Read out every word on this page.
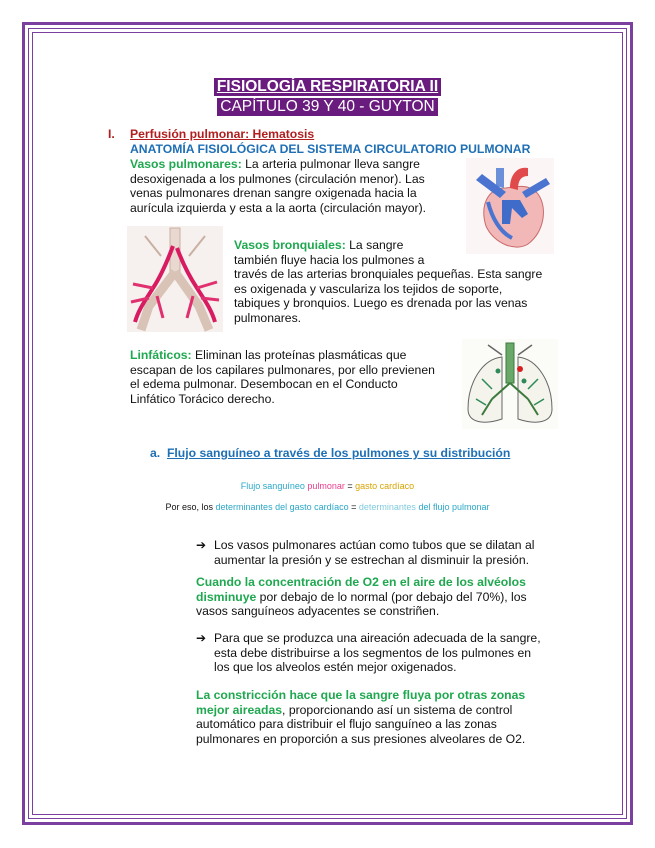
FISIOLOGÍA RESPIRATORIA II
CAPÍTULO 39 Y 40 - GUYTON
I. Perfusión pulmonar: Hematosis
ANATOMÍA FISIOLÓGICA DEL SISTEMA CIRCULATORIO PULMONAR
Vasos pulmonares: La arteria pulmonar lleva sangre
desoxigenada a los pulmones (circulación menor). Las
venas pulmonares drenan sangre oxigenada hacia la
aurícula izquierda y esta a la aorta (circulación mayor).
Vasos bronquiales: La sangre
también fluye hacia los pulmones a
través de las arterias bronquiales pequeñas. Esta sangre
es oxigenada y vasculariza los tejidos de soporte,
tabiques y bronquios. Luego es drenada por las venas
pulmonares.
Linfáticos: Eliminan las proteínas plasmáticas que
escapan de los capilares pulmonares, por ello previenen
el edema pulmonar. Desembocan en el Conducto
Linfático Torácico derecho.
a. Flujo sanguíneo a través de los pulmones y su distribución
Flujo sanguíneo pulmonar = gasto cardíaco
Por eso, los determinantes del gasto cardíaco = determinantes del flujo pulmonar
➔ Los vasos pulmonares actúan como tubos que se dilatan al
aumentar la presión y se estrechan al disminuir la presión.
Cuando la concentración de O2 en el aire de los alvéolos
disminuye por debajo de lo normal (por debajo del 70%), los
vasos sanguíneos adyacentes se constriñen.
➔ Para que se produzca una aireación adecuada de la sangre,
esta debe distribuirse a los segmentos de los pulmones en
los que los alveolos estén mejor oxigenados.
La constricción hace que la sangre fluya por otras zonas
mejor aireadas, proporcionando así un sistema de control
automático para distribuir el flujo sanguíneo a las zonas
pulmonares en proporción a sus presiones alveolares de O2.
